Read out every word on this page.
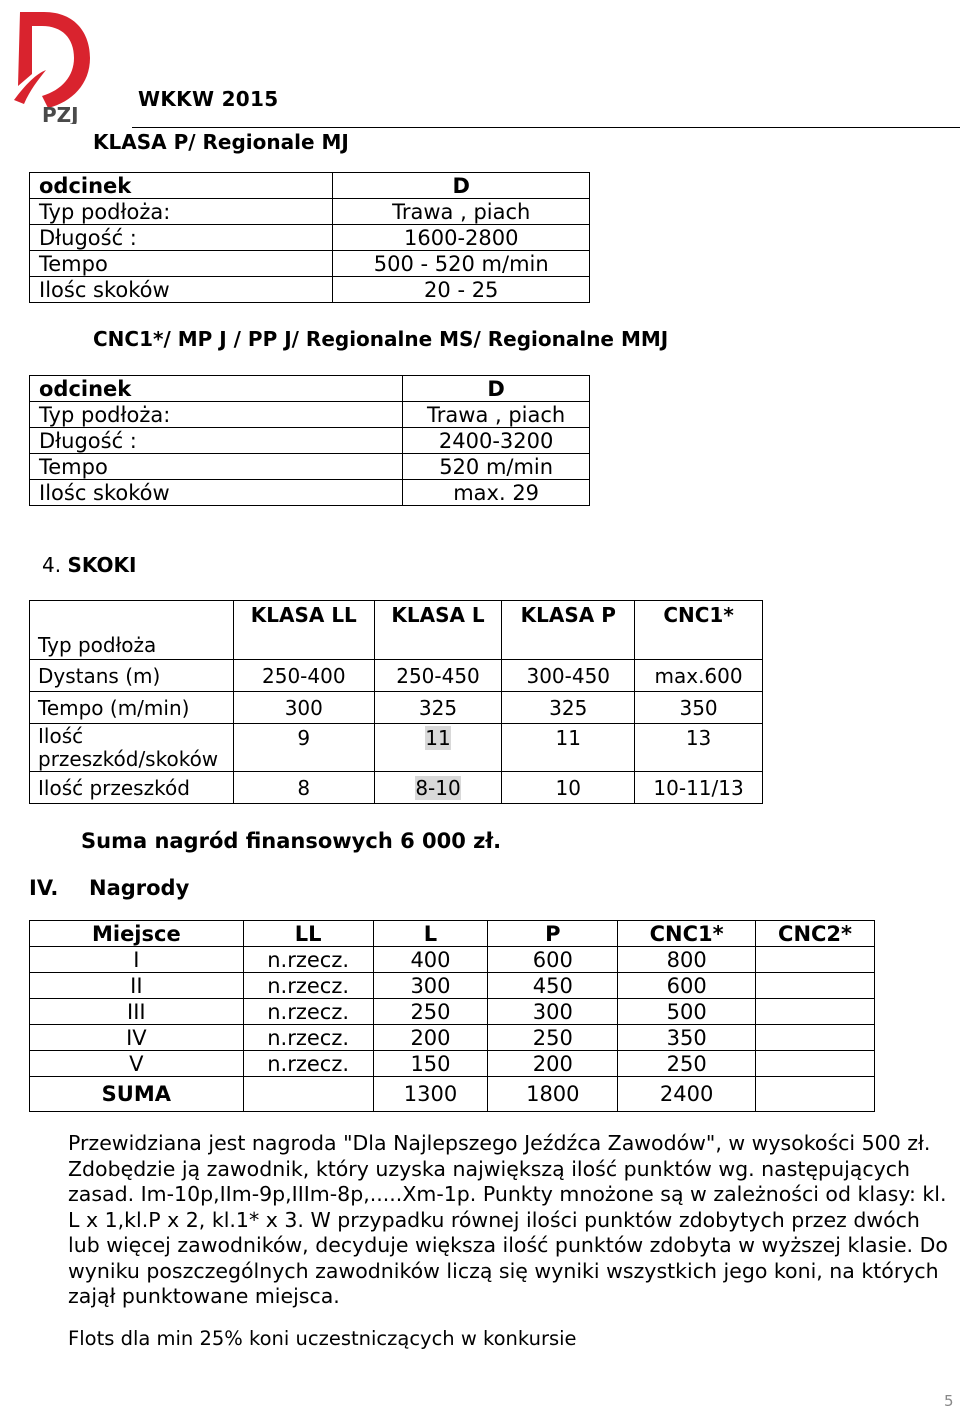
PZJ
WKKW 2015
KLASA P/ Regionale MJ
odcinek	D
Typ podłoża:	Trawa , piach
Długość :	1600-2800
Tempo	500 - 520 m/min
Ilośc skoków	20 - 25
CNC1*/ MP J / PP J/ Regionalne MS/ Regionalne MMJ
odcinek	D
Typ podłoża:	Trawa , piach
Długość :	2400-3200
Tempo	520 m/min
Ilośc skoków	max. 29
4. SKOKI
Typ podłoża	KLASA LL	KLASA L	KLASA P	CNC1*
Dystans (m)	250-400	250-450	300-450	max.600
Tempo (m/min)	300	325	325	350
Ilość przeszkód/skoków	9	11	11	13
Ilość przeszkód	8	8-10	10	10-11/13
Suma nagród finansowych 6 000 zł.
IV. Nagrody
Miejsce	LL	L	P	CNC1*	CNC2*
I	n.rzecz.	400	600	800	
II	n.rzecz.	300	450	600	
III	n.rzecz.	250	300	500	
IV	n.rzecz.	200	250	350	
V	n.rzecz.	150	200	250	
SUMA		1300	1800	2400	
Przewidziana jest nagroda "Dla Najlepszego Jeźdźca Zawodów", w wysokości 500 zł. Zdobędzie ją zawodnik, który uzyska największą ilość punktów wg. następujących zasad. Im-10p,IIm-9p,IIIm-8p,.....Xm-1p. Punkty mnożone są w zależności od klasy: kl. L x 1,kl.P x 2, kl.1* x 3. W przypadku równej ilości punktów zdobytych przez dwóch lub więcej zawodników, decyduje większa ilość punktów zdobyta w wyższej klasie. Do wyniku poszczególnych zawodników liczą się wyniki wszystkich jego koni, na których zajął punktowane miejsca.
Flots dla min 25% koni uczestniczących w konkursie
5
